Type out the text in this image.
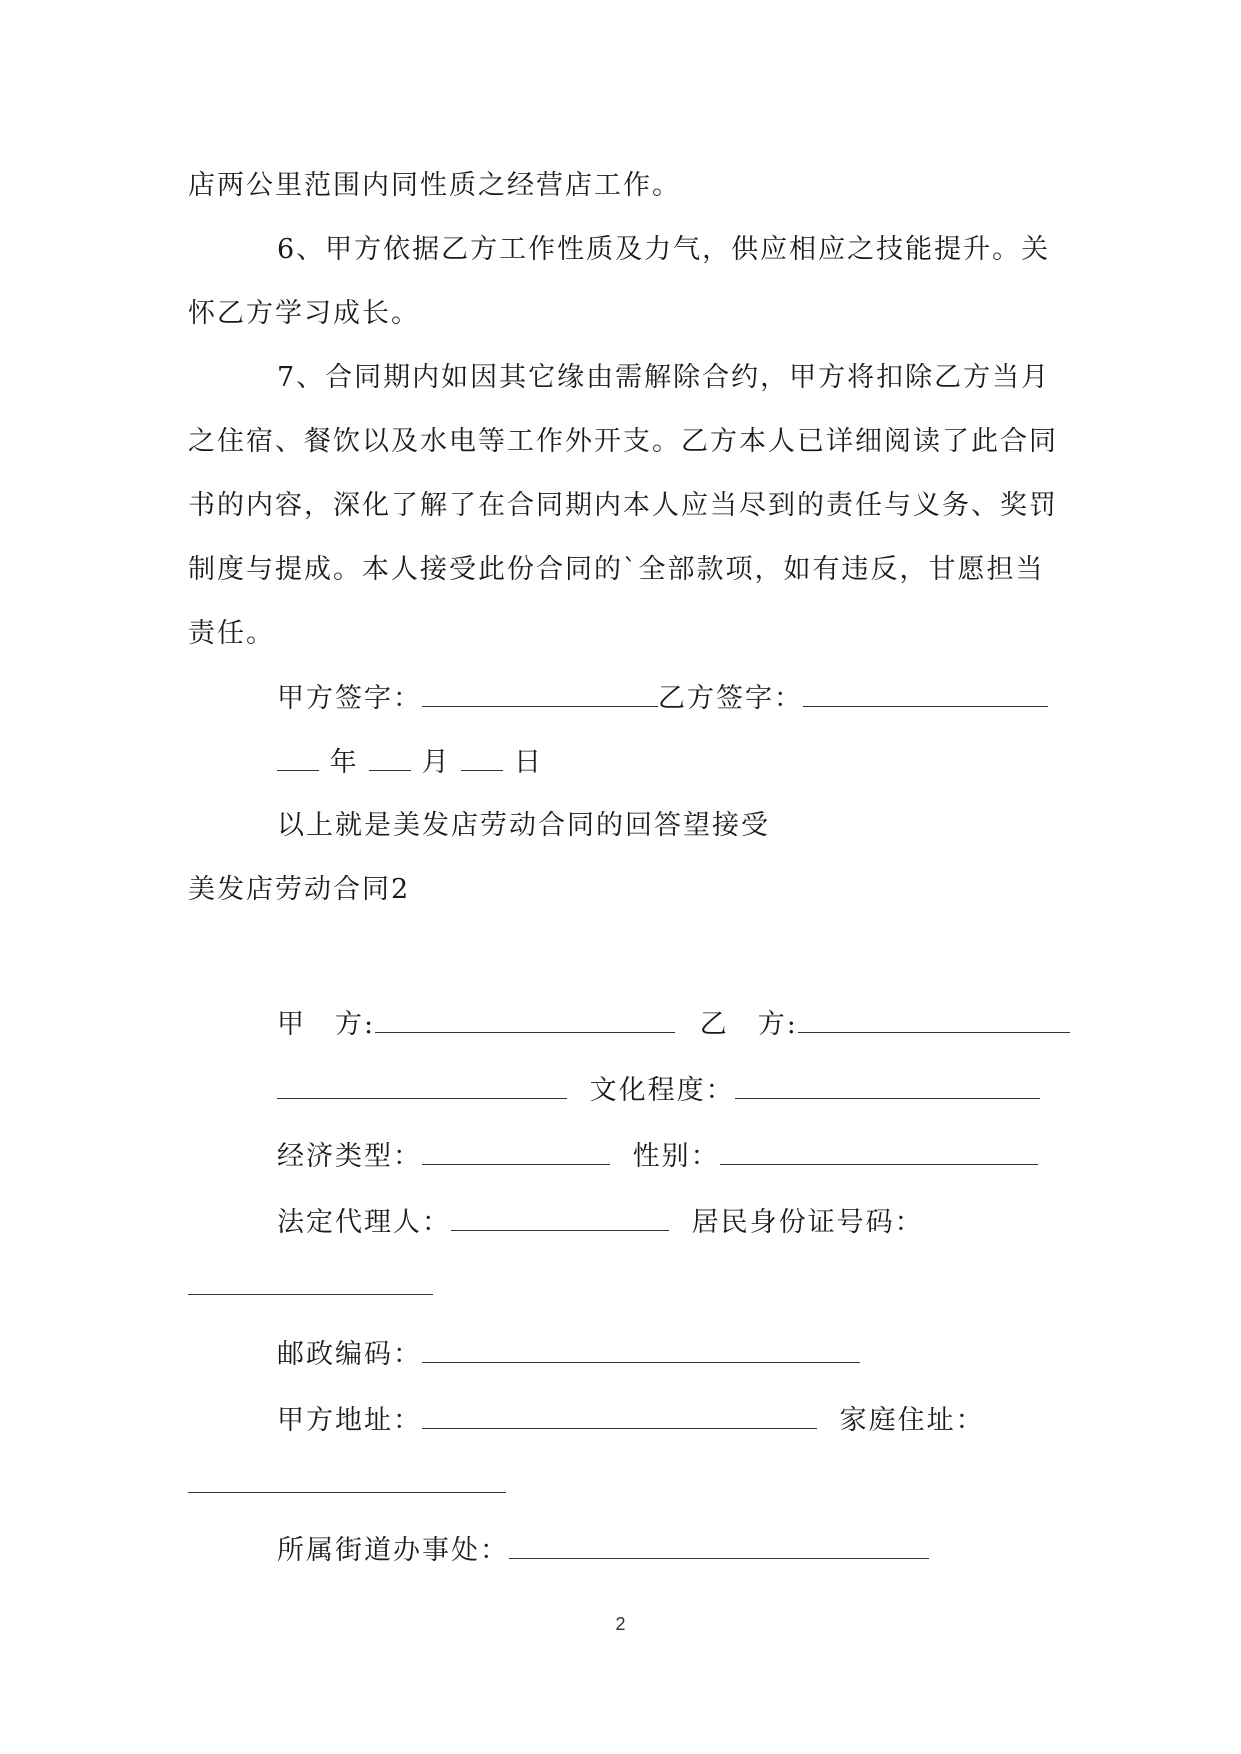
店两公里范围内同性质之经营店工作。
6、甲方依据乙方工作性质及力气，供应相应之技能提升。关
怀乙方学习成长。
7、合同期内如因其它缘由需解除合约，甲方将扣除乙方当月
之住宿、餐饮以及水电等工作外开支。乙方本人已详细阅读了此合同
书的内容，深化了解了在合同期内本人应当尽到的责任与义务、奖罚
制度与提成。本人接受此份合同的`全部款项，如有违反，甘愿担当
责任。
甲方签字：	乙方签字：
年 月 日
以上就是美发店劳动合同的回答望接受
美发店劳动合同2
甲　方:	乙　方:
文化程度：
经济类型：	性别：
法定代理人：	居民身份证号码：
邮政编码：
甲方地址：	家庭住址：
所属街道办事处：
2
